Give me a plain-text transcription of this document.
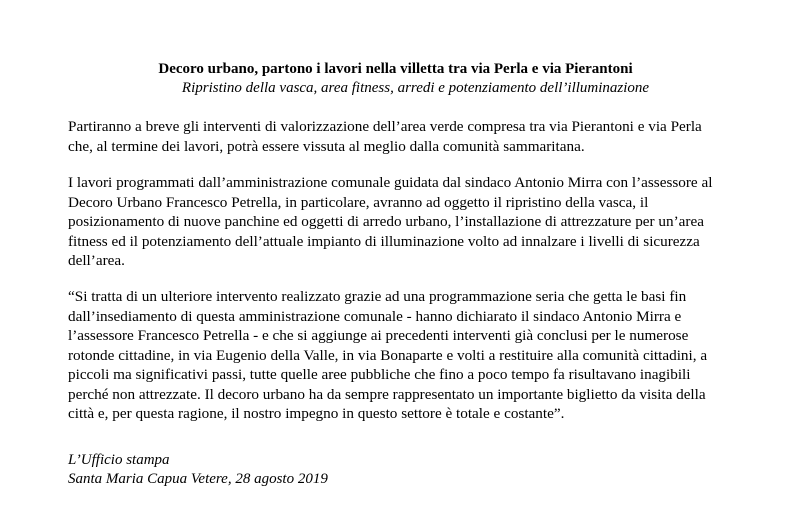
Decoro urbano, partono i lavori nella villetta tra via Perla e via Pierantoni
Ripristino della vasca, area fitness, arredi e potenziamento dell’illuminazione
Partiranno a breve gli interventi di valorizzazione dell’area verde compresa tra via Pierantoni e via Perla che, al termine dei lavori, potrà essere vissuta al meglio dalla comunità sammaritana.
I lavori programmati dall’amministrazione comunale guidata dal sindaco Antonio Mirra con l’assessore al Decoro Urbano Francesco Petrella, in particolare, avranno ad oggetto il ripristino della vasca, il posizionamento di nuove panchine ed oggetti di arredo urbano, l’installazione di attrezzature per un’area fitness ed il potenziamento dell’attuale impianto di illuminazione volto ad innalzare i livelli di sicurezza dell’area.
“Si tratta di un ulteriore intervento realizzato grazie ad una programmazione seria che getta le basi fin dall’insediamento di questa amministrazione comunale - hanno dichiarato il sindaco Antonio Mirra e l’assessore Francesco Petrella - e che si aggiunge ai precedenti interventi già conclusi per le numerose rotonde cittadine, in via Eugenio della Valle, in via Bonaparte e volti a restituire alla comunità cittadini, a piccoli ma significativi passi, tutte quelle aree pubbliche che fino a poco tempo fa risultavano inagibili perché non attrezzate. Il decoro urbano ha da sempre rappresentato un importante biglietto da visita della città e, per questa ragione, il nostro impegno in questo settore è totale e costante”.
L’Ufficio stampa
Santa Maria Capua Vetere, 28 agosto 2019
